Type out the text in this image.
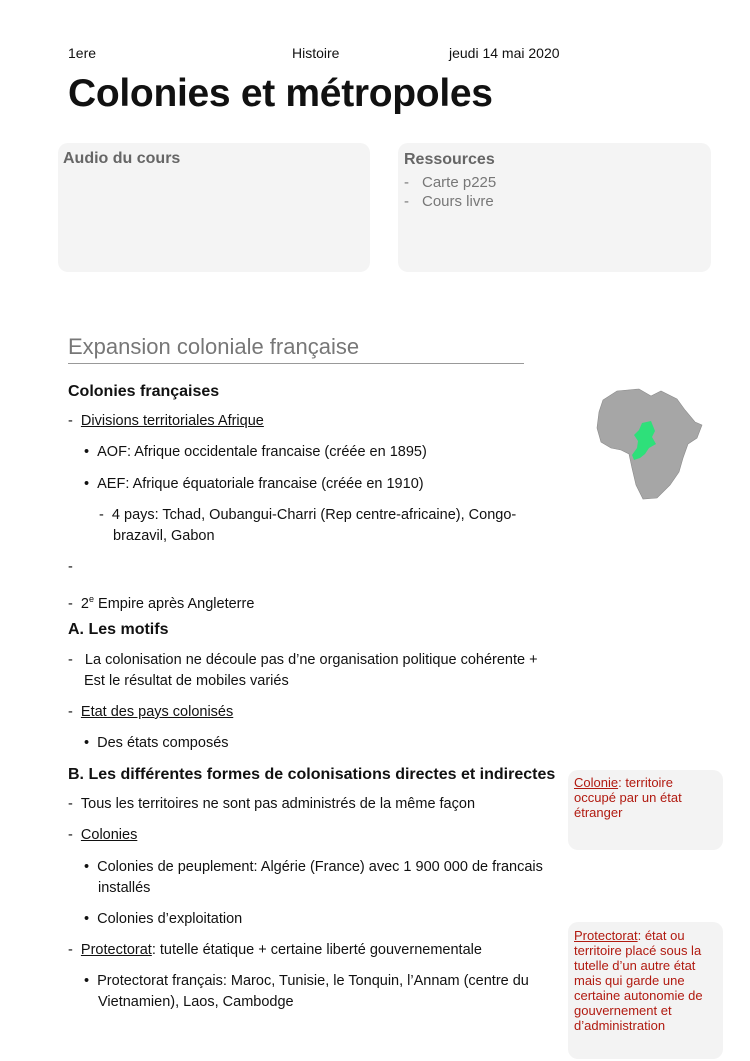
1ere	Histoire	jeudi 14 mai 2020
Colonies et métropoles
Audio du cours	Ressources
- Carte p225
- Cours livre
Expansion coloniale française
Colonies françaises
- Divisions territoriales Afrique
• AOF: Afrique occidentale francaise (créée en 1895)
• AEF: Afrique équatoriale francaise (créée en 1910)
- 4 pays: Tchad, Oubangui-Charri (Rep centre-africaine), Congo-
brazavil, Gabon
-
- 2e Empire après Angleterre
A. Les motifs
-   La colonisation ne découle pas d’ne organisation politique cohérente +
Est le résultat de mobiles variés
- Etat des pays colonisés
• Des états composés
B. Les différentes formes de colonisations directes et indirectes
- Tous les territoires ne sont pas administrés de la même façon
- Colonies
• Colonies de peuplement: Algérie (France) avec 1 900 000 de francais
installés
• Colonies d’exploitation
- Protectorat: tutelle étatique + certaine liberté gouvernementale
• Protectorat français: Maroc, Tunisie, le Tonquin, l’Annam (centre du
Vietnamien), Laos, Cambodge
Colonie: territoire
occupé par un état
étranger
Protectorat: état ou
territoire placé sous la
tutelle d’un autre état
mais qui garde une
certaine autonomie de
gouvernement et
d’administration
